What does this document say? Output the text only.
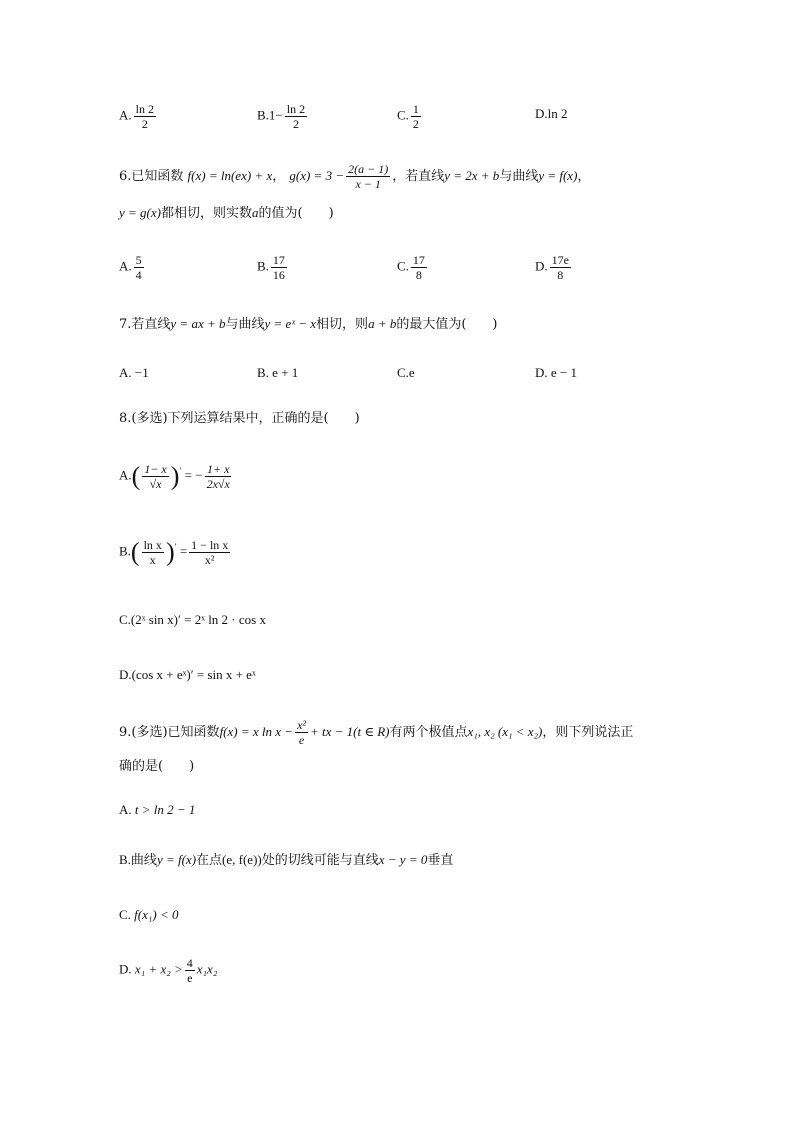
A. $\frac{\ln 2}{2}$	$B.1- \frac{\ln 2}{2}$	C. $\frac{1}{2}$	D.ln 2
6.已知函数 f(x) = ln(ex) + x， $g(x) = 3 - \frac{2(a - 1)}{x - 1}$ ，若直线y = 2x + b与曲线y = f(x)，
y = g(x)都相切，则实数a的值为(　　)
A. $\frac{5}{4}$	B. $\frac{17}{16}$	C. $\frac{17}{8}$	D. $\frac{17e}{8}$
7.若直线y = ax + b与曲线y = eˣ − x相切，则a + b的最大值为(　　)
A. −1	B. e + 1	C.e	D. e − 1
8.(多选)下列运算结果中，正确的是(　　)
$A.( \frac{1- x}{√x} )'$ = − $\frac{1+ x}{2x√x}$
$B.( \frac{\text{ln x}}{x} )' = \frac{\text{1 − ln x}}{\text{x²}}$
C.(2ˣ sin x)′ = 2ˣ ln 2 · cos x
D.(cos x + eˣ)′ = sin x + eˣ
9.(多选)已知函数f(x) = x $\ln x - \frac{\text{x²}}{e}$ + tx − 1(t ∈ R)有两个极值点x₁, x₂ (x₁ < x₂)，则下列说法正
确的是(　　)
A. t > ln 2 − 1
B.曲线y = f(x)在点(e, f(e))处的切线可能与直线x − y = 0垂直
C. f(x₁) < 0
D. $x_1 + x_2 > \frac{4}{e} x_1x_2$
